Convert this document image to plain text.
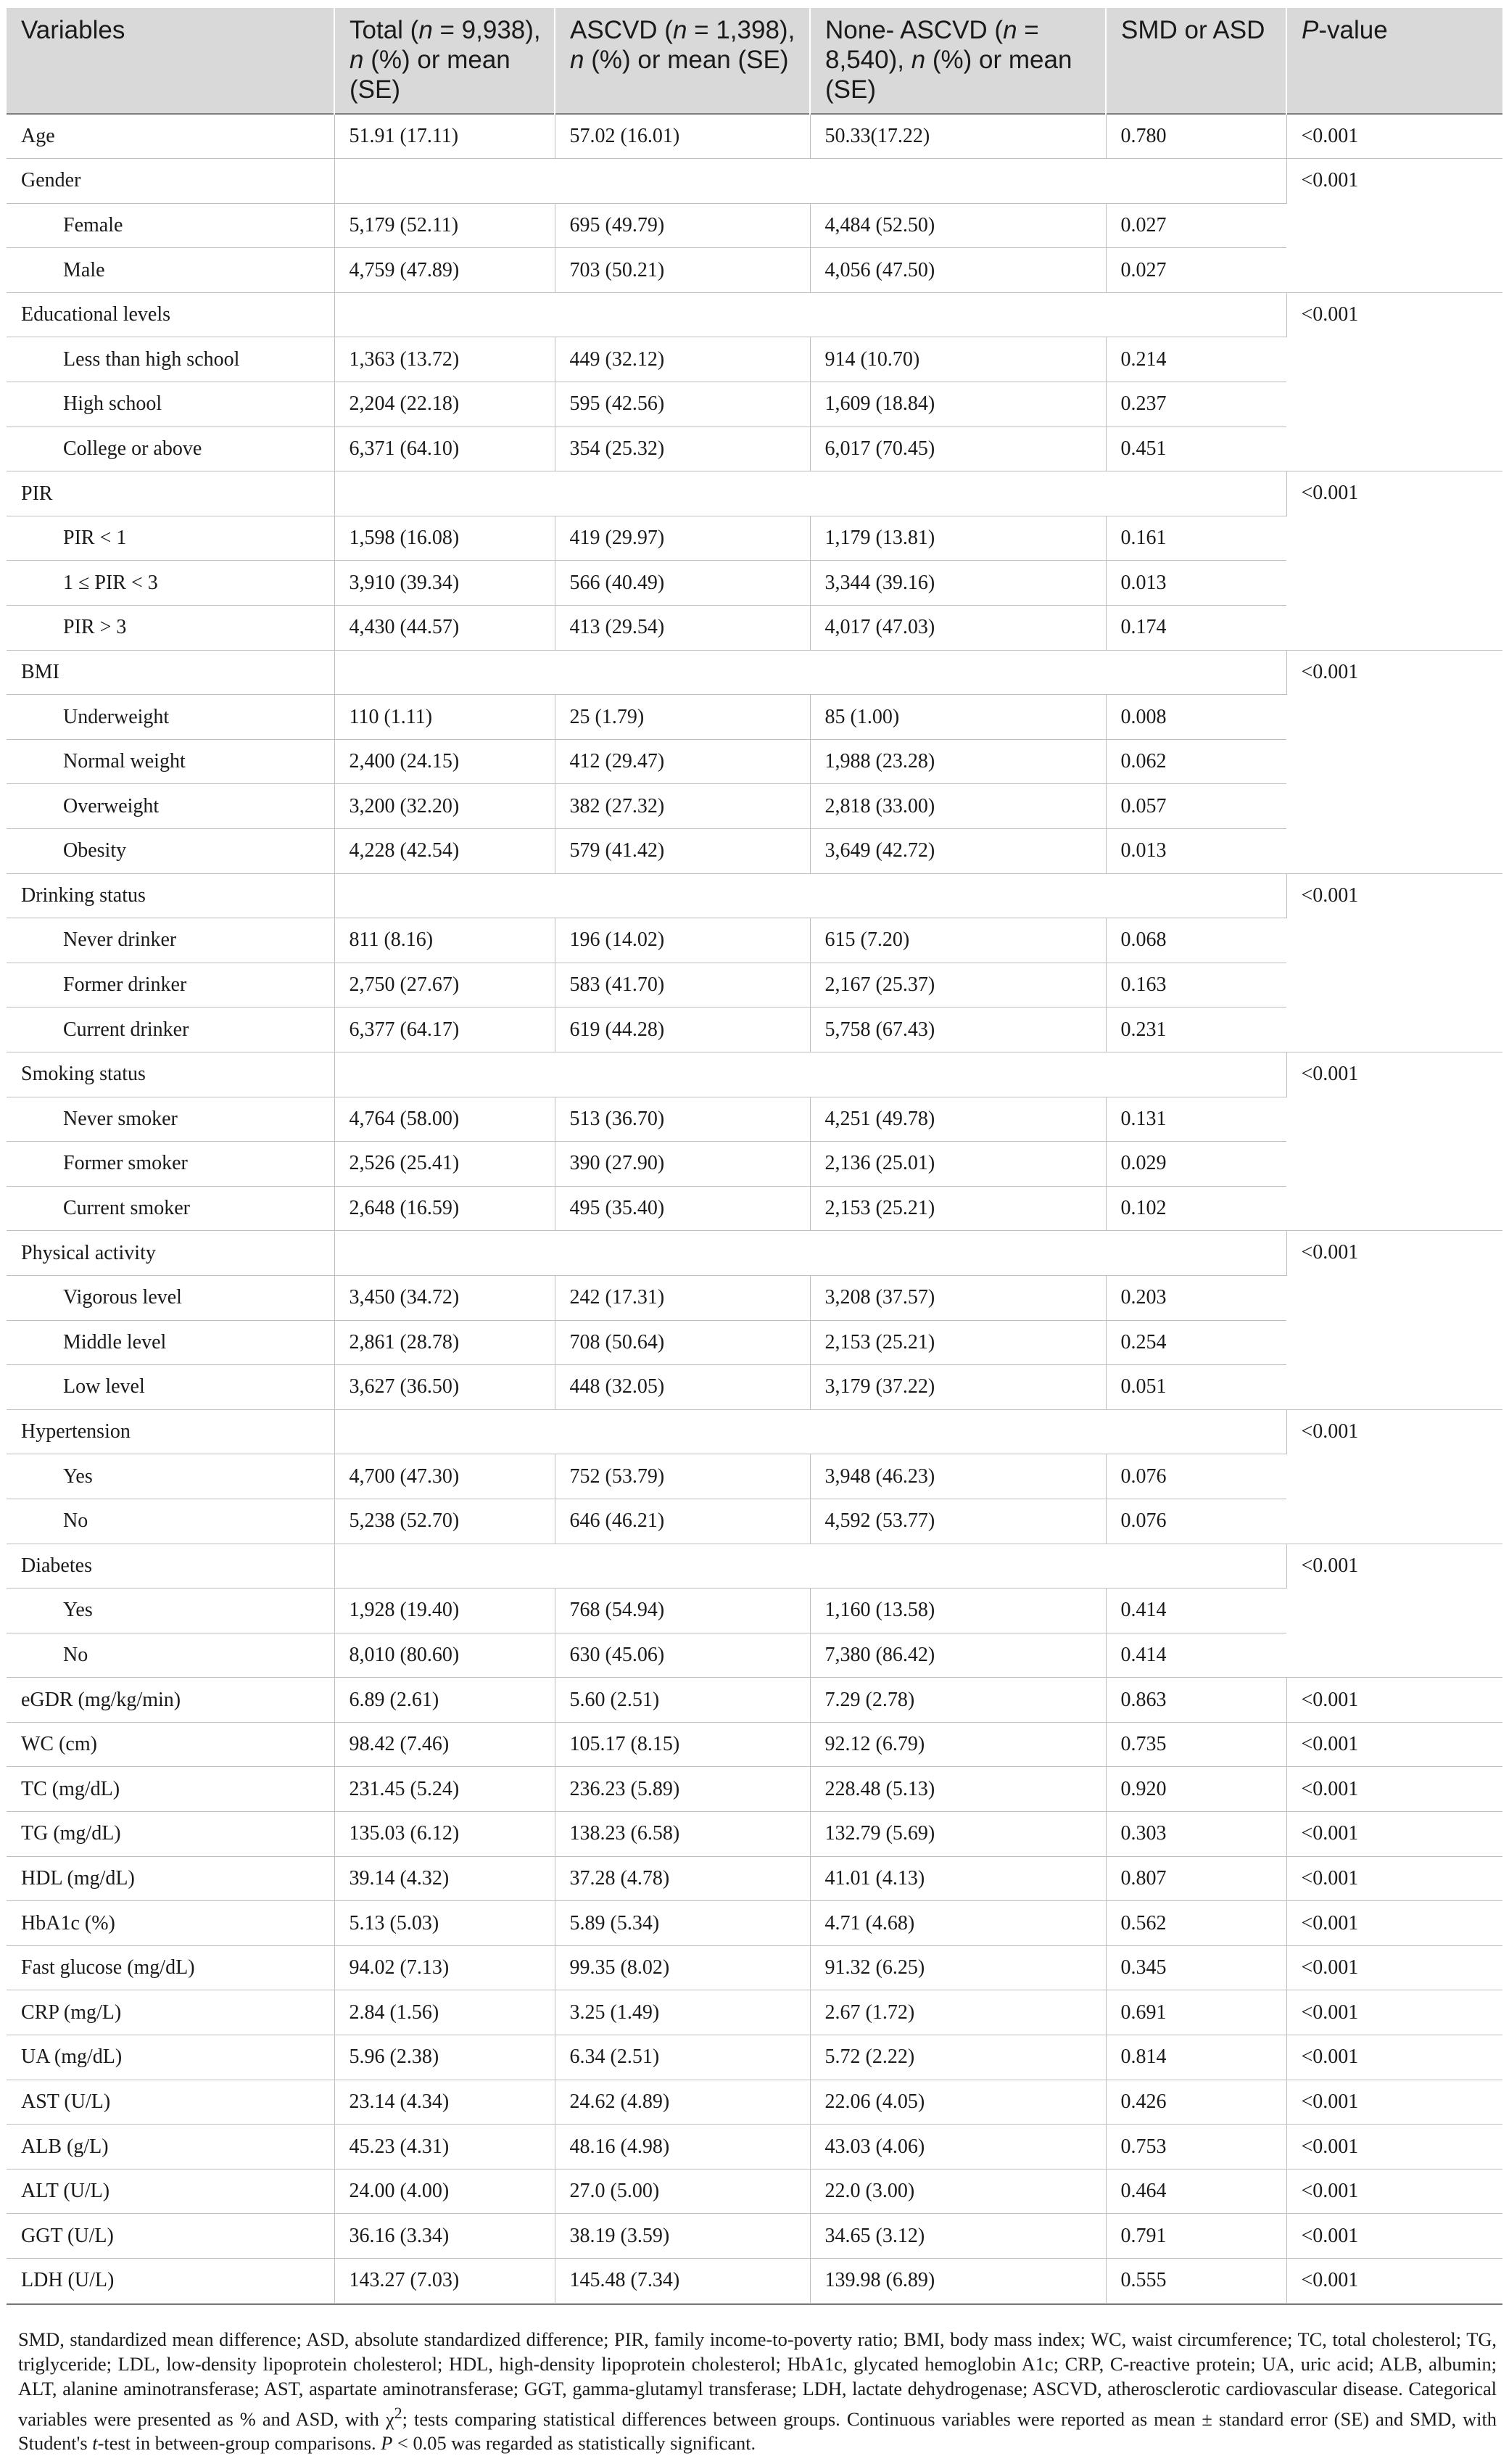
Variables	Total (n = 9,938), n (%) or mean (SE)	ASCVD (n = 1,398), n (%) or mean (SE)	None- ASCVD (n = 8,540), n (%) or mean (SE)	SMD or ASD	P-value
Age	51.91 (17.11)	57.02 (16.01)	50.33(17.22)	0.780	<0.001
Gender					<0.001
Female	5,179 (52.11)	695 (49.79)	4,484 (52.50)	0.027	
Male	4,759 (47.89)	703 (50.21)	4,056 (47.50)	0.027	
Educational levels					<0.001
Less than high school	1,363 (13.72)	449 (32.12)	914 (10.70)	0.214	
High school	2,204 (22.18)	595 (42.56)	1,609 (18.84)	0.237	
College or above	6,371 (64.10)	354 (25.32)	6,017 (70.45)	0.451	
PIR					<0.001
PIR < 1	1,598 (16.08)	419 (29.97)	1,179 (13.81)	0.161	
1 ≤ PIR < 3	3,910 (39.34)	566 (40.49)	3,344 (39.16)	0.013	
PIR > 3	4,430 (44.57)	413 (29.54)	4,017 (47.03)	0.174	
BMI					<0.001
Underweight	110 (1.11)	25 (1.79)	85 (1.00)	0.008	
Normal weight	2,400 (24.15)	412 (29.47)	1,988 (23.28)	0.062	
Overweight	3,200 (32.20)	382 (27.32)	2,818 (33.00)	0.057	
Obesity	4,228 (42.54)	579 (41.42)	3,649 (42.72)	0.013	
Drinking status					<0.001
Never drinker	811 (8.16)	196 (14.02)	615 (7.20)	0.068	
Former drinker	2,750 (27.67)	583 (41.70)	2,167 (25.37)	0.163	
Current drinker	6,377 (64.17)	619 (44.28)	5,758 (67.43)	0.231	
Smoking status					<0.001
Never smoker	4,764 (58.00)	513 (36.70)	4,251 (49.78)	0.131	
Former smoker	2,526 (25.41)	390 (27.90)	2,136 (25.01)	0.029	
Current smoker	2,648 (16.59)	495 (35.40)	2,153 (25.21)	0.102	
Physical activity					<0.001
Vigorous level	3,450 (34.72)	242 (17.31)	3,208 (37.57)	0.203	
Middle level	2,861 (28.78)	708 (50.64)	2,153 (25.21)	0.254	
Low level	3,627 (36.50)	448 (32.05)	3,179 (37.22)	0.051	
Hypertension					<0.001
Yes	4,700 (47.30)	752 (53.79)	3,948 (46.23)	0.076	
No	5,238 (52.70)	646 (46.21)	4,592 (53.77)	0.076	
Diabetes					<0.001
Yes	1,928 (19.40)	768 (54.94)	1,160 (13.58)	0.414	
No	8,010 (80.60)	630 (45.06)	7,380 (86.42)	0.414	
eGDR (mg/kg/min)	6.89 (2.61)	5.60 (2.51)	7.29 (2.78)	0.863	<0.001
WC (cm)	98.42 (7.46)	105.17 (8.15)	92.12 (6.79)	0.735	<0.001
TC (mg/dL)	231.45 (5.24)	236.23 (5.89)	228.48 (5.13)	0.920	<0.001
TG (mg/dL)	135.03 (6.12)	138.23 (6.58)	132.79 (5.69)	0.303	<0.001
HDL (mg/dL)	39.14 (4.32)	37.28 (4.78)	41.01 (4.13)	0.807	<0.001
HbA1c (%)	5.13 (5.03)	5.89 (5.34)	4.71 (4.68)	0.562	<0.001
Fast glucose (mg/dL)	94.02 (7.13)	99.35 (8.02)	91.32 (6.25)	0.345	<0.001
CRP (mg/L)	2.84 (1.56)	3.25 (1.49)	2.67 (1.72)	0.691	<0.001
UA (mg/dL)	5.96 (2.38)	6.34 (2.51)	5.72 (2.22)	0.814	<0.001
AST (U/L)	23.14 (4.34)	24.62 (4.89)	22.06 (4.05)	0.426	<0.001
ALB (g/L)	45.23 (4.31)	48.16 (4.98)	43.03 (4.06)	0.753	<0.001
ALT (U/L)	24.00 (4.00)	27.0 (5.00)	22.0 (3.00)	0.464	<0.001
GGT (U/L)	36.16 (3.34)	38.19 (3.59)	34.65 (3.12)	0.791	<0.001
LDH (U/L)	143.27 (7.03)	145.48 (7.34)	139.98 (6.89)	0.555	<0.001
SMD, standardized mean difference; ASD, absolute standardized difference; PIR, family income-to-poverty ratio; BMI, body mass index; WC, waist circumference; TC, total cholesterol; TG, triglyceride; LDL, low-density lipoprotein cholesterol; HDL, high-density lipoprotein cholesterol; HbA1c, glycated hemoglobin A1c; CRP, C-reactive protein; UA, uric acid; ALB, albumin; ALT, alanine aminotransferase; AST, aspartate aminotransferase; GGT, gamma-glutamyl transferase; LDH, lactate dehydrogenase; ASCVD, atherosclerotic cardiovascular disease. Categorical variables were presented as % and ASD, with $\chi^2$; tests comparing statistical differences between groups. Continuous variables were reported as mean ± standard error (SE) and SMD, with Student's t-test in between-group comparisons. P < 0.05 was regarded as statistically significant.
